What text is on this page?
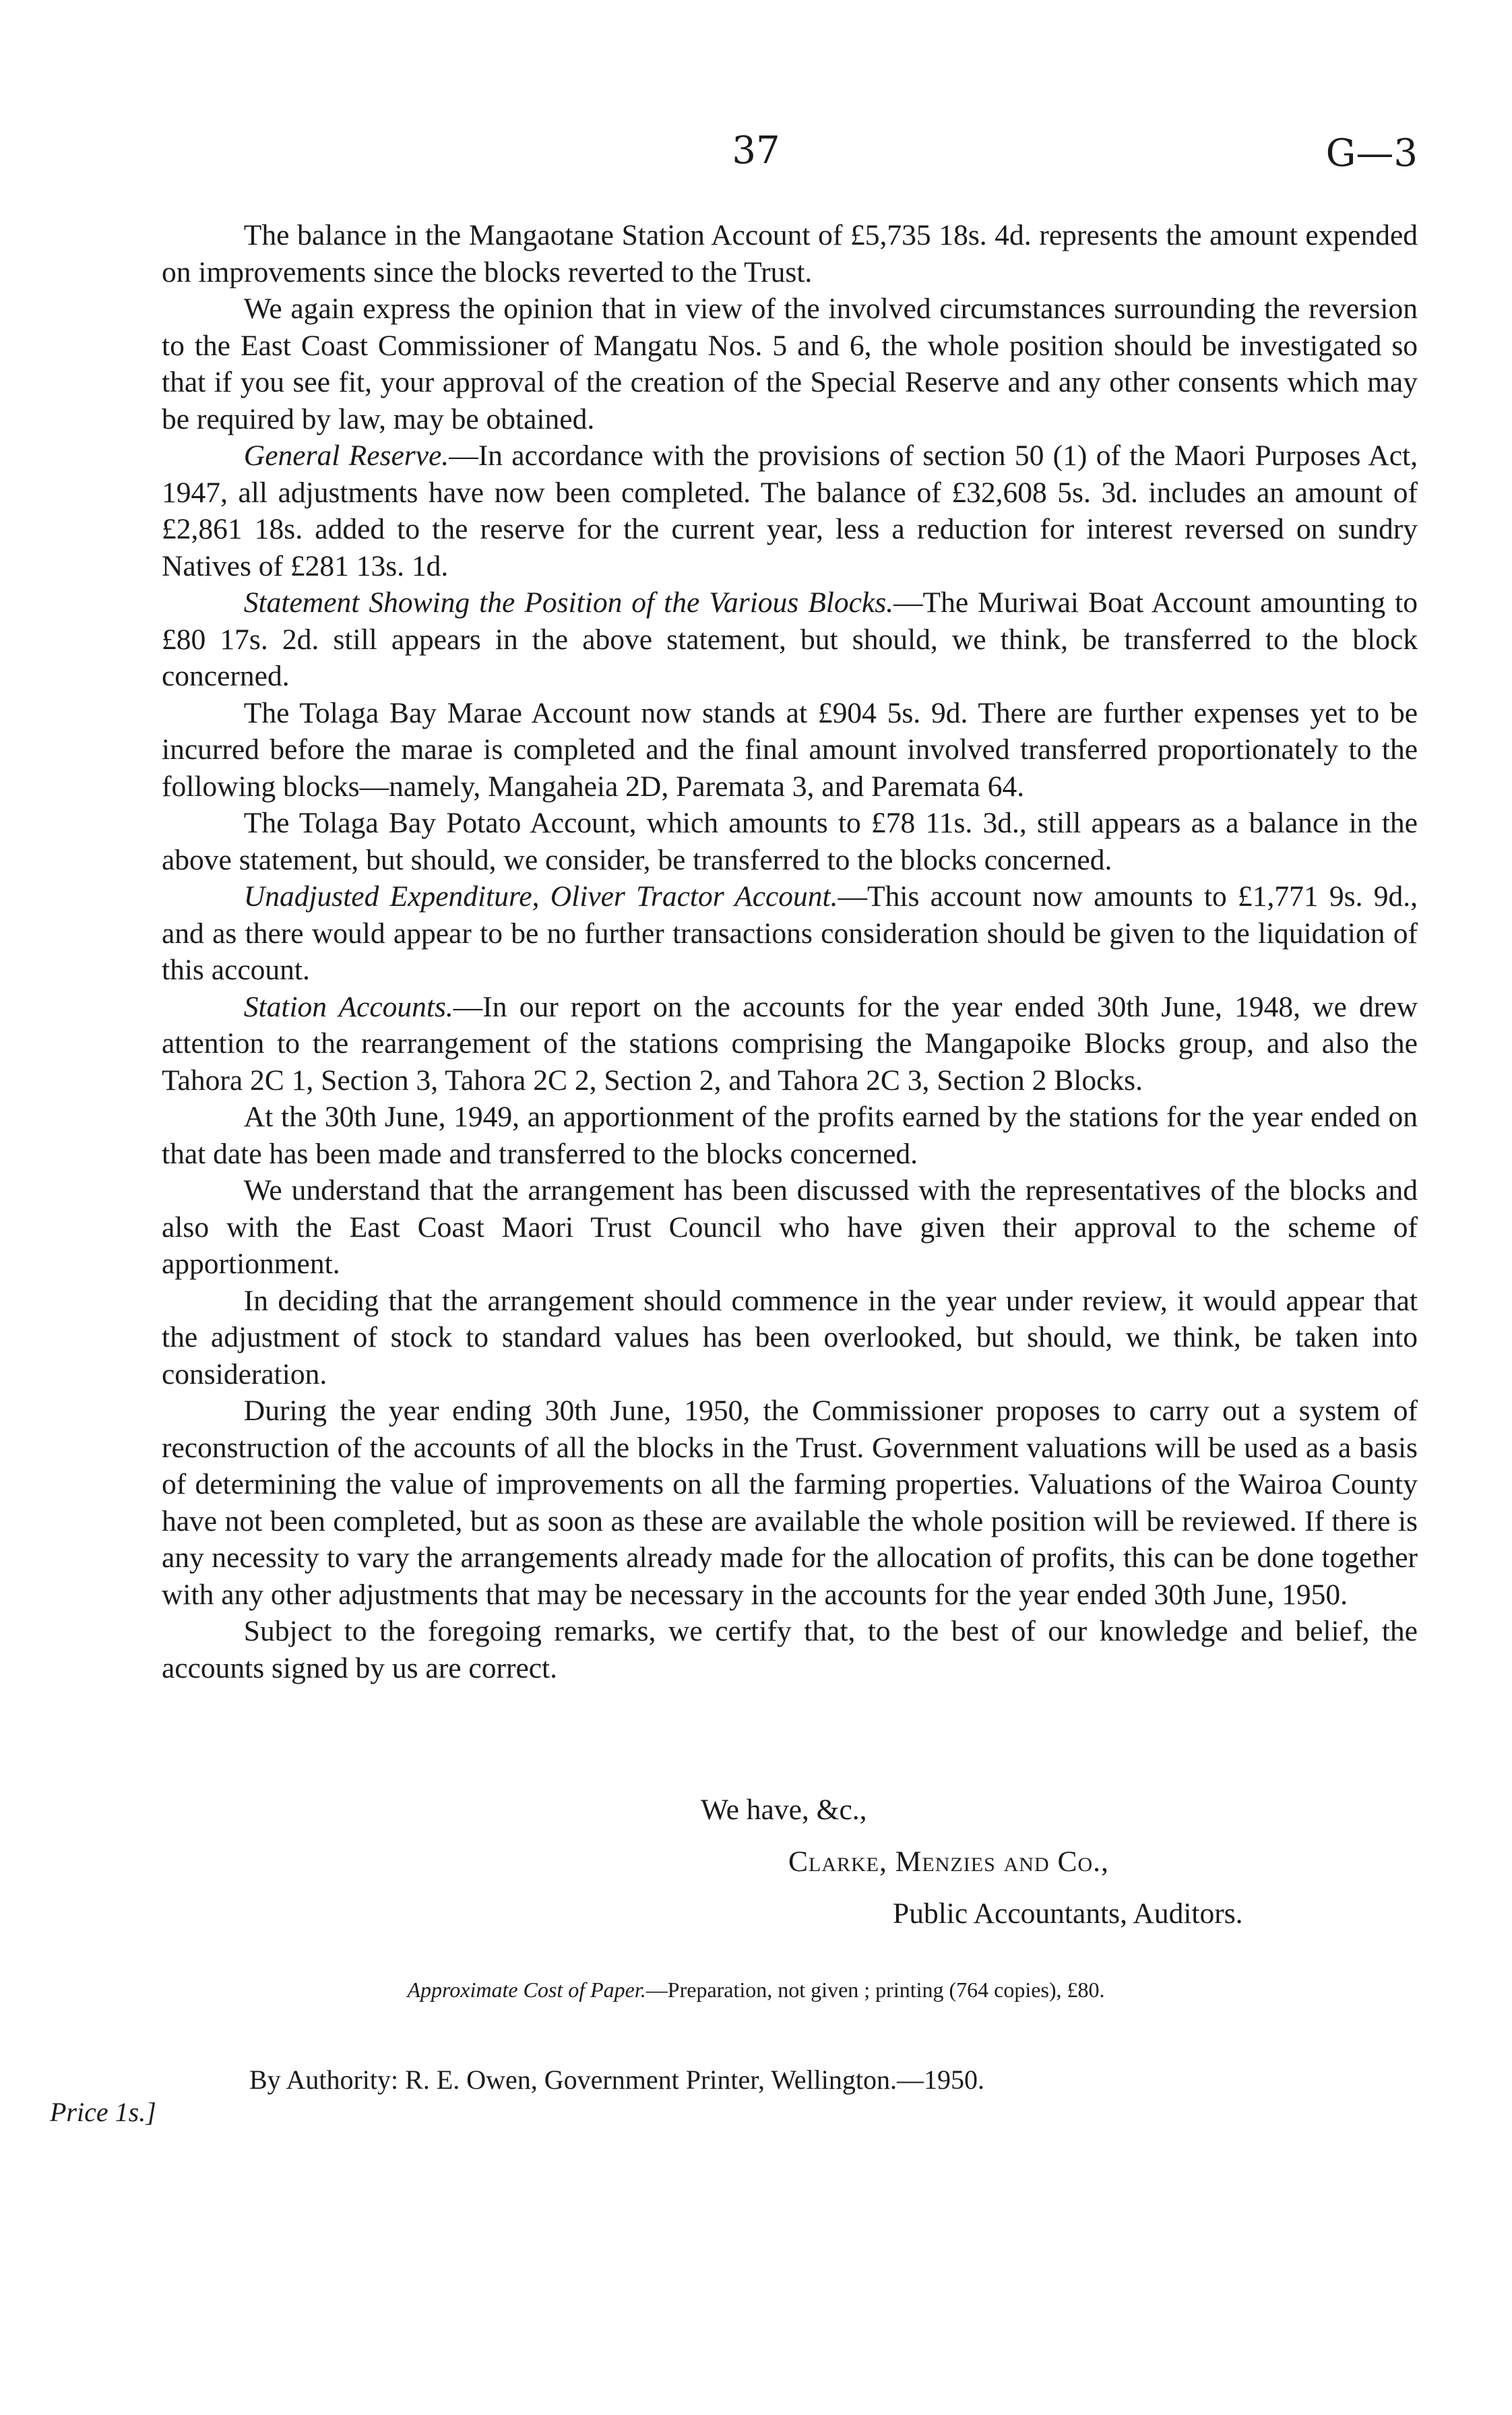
37	G—3

The balance in the Mangaotane Station Account of £5,735 18s. 4d. represents the amount expended on improvements since the blocks reverted to the Trust.

We again express the opinion that in view of the involved circumstances surrounding the reversion to the East Coast Commissioner of Mangatu Nos. 5 and 6, the whole position should be investigated so that if you see fit, your approval of the creation of the Special Reserve and any other consents which may be required by law, may be obtained.

General Reserve.—In accordance with the provisions of section 50 (1) of the Maori Purposes Act, 1947, all adjustments have now been completed. The balance of £32,608 5s. 3d. includes an amount of £2,861 18s. added to the reserve for the current year, less a reduction for interest reversed on sundry Natives of £281 13s. 1d.

Statement Showing the Position of the Various Blocks.—The Muriwai Boat Account amounting to £80 17s. 2d. still appears in the above statement, but should, we think, be transferred to the block concerned.

The Tolaga Bay Marae Account now stands at £904 5s. 9d. There are further expenses yet to be incurred before the marae is completed and the final amount involved transferred proportionately to the following blocks—namely, Mangaheia 2D, Paremata 3, and Paremata 64.

The Tolaga Bay Potato Account, which amounts to £78 11s. 3d., still appears as a balance in the above statement, but should, we consider, be transferred to the blocks concerned.

Unadjusted Expenditure, Oliver Tractor Account.—This account now amounts to £1,771 9s. 9d., and as there would appear to be no further transactions consideration should be given to the liquidation of this account.

Station Accounts.—In our report on the accounts for the year ended 30th June, 1948, we drew attention to the rearrangement of the stations comprising the Mangapoike Blocks group, and also the Tahora 2C 1, Section 3, Tahora 2C 2, Section 2, and Tahora 2C 3, Section 2 Blocks.

At the 30th June, 1949, an apportionment of the profits earned by the stations for the year ended on that date has been made and transferred to the blocks concerned.

We understand that the arrangement has been discussed with the representatives of the blocks and also with the East Coast Maori Trust Council who have given their approval to the scheme of apportionment.

In deciding that the arrangement should commence in the year under review, it would appear that the adjustment of stock to standard values has been overlooked, but should, we think, be taken into consideration.

During the year ending 30th June, 1950, the Commissioner proposes to carry out a system of reconstruction of the accounts of all the blocks in the Trust. Government valuations will be used as a basis of determining the value of improvements on all the farming properties. Valuations of the Wairoa County have not been completed, but as soon as these are available the whole position will be reviewed. If there is any necessity to vary the arrangements already made for the allocation of profits, this can be done together with any other adjustments that may be necessary in the accounts for the year ended 30th June, 1950.

Subject to the foregoing remarks, we certify that, to the best of our knowledge and belief, the accounts signed by us are correct.

We have, &c.,
Clarke, Menzies and Co.,
Public Accountants, Auditors.
Approximate Cost of Paper.—Preparation, not given ; printing (764 copies), £80.
By Authority: R. E. Owen, Government Printer, Wellington.—1950.
Price 1s.]
